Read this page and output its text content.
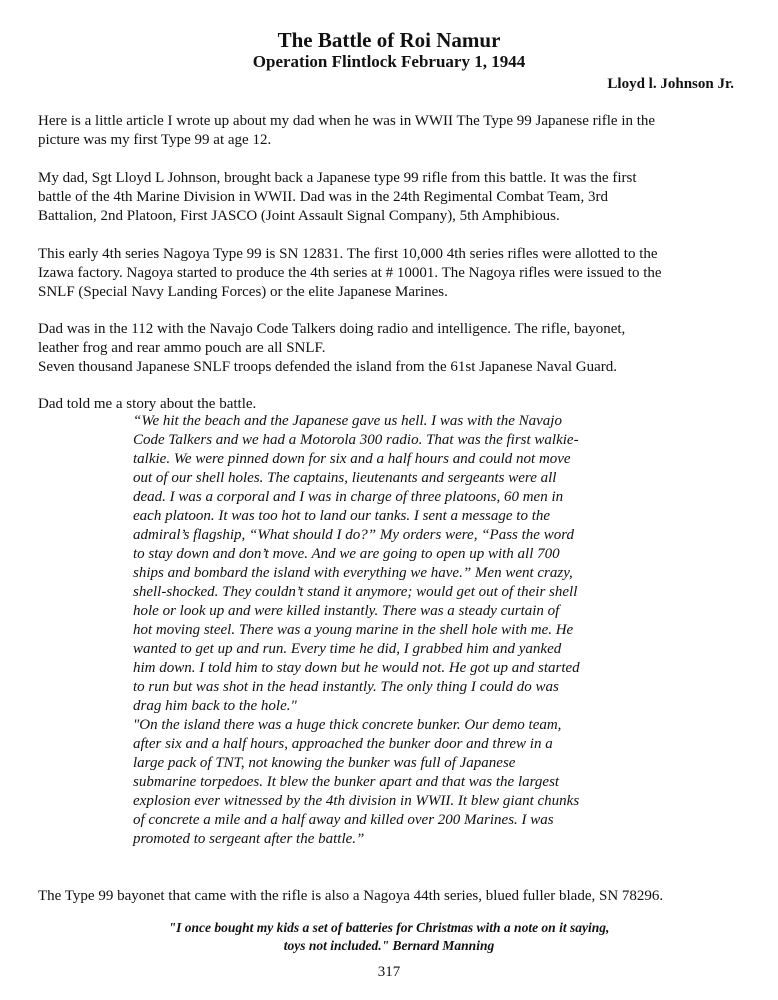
The Battle of Roi Namur
Operation Flintlock February 1, 1944
Lloyd l. Johnson Jr.
Here is a little article I wrote up about my dad when he was in WWII The Type 99 Japanese rifle in the
picture was my first Type 99 at age 12.
My dad, Sgt Lloyd L Johnson, brought back a Japanese type 99 rifle from this battle. It was the first
battle of the 4th Marine Division in WWII. Dad was in the 24th Regimental Combat Team, 3rd
Battalion, 2nd Platoon, First JASCO (Joint Assault Signal Company), 5th Amphibious.
This early 4th series Nagoya Type 99 is SN 12831. The first 10,000 4th series rifles were allotted to the
Izawa factory. Nagoya started to produce the 4th series at # 10001. The Nagoya rifles were issued to the
SNLF (Special Navy Landing Forces) or the elite Japanese Marines.
Dad was in the 112 with the Navajo Code Talkers doing radio and intelligence. The rifle, bayonet,
leather frog and rear ammo pouch are all SNLF.
Seven thousand Japanese SNLF troops defended the island from the 61st Japanese Naval Guard.
Dad told me a story about the battle.
“We hit the beach and the Japanese gave us hell. I was with the Navajo
Code Talkers and we had a Motorola 300 radio. That was the first walkie-
talkie. We were pinned down for six and a half hours and could not move
out of our shell holes. The captains, lieutenants and sergeants were all
dead. I was a corporal and I was in charge of three platoons, 60 men in
each platoon. It was too hot to land our tanks. I sent a message to the
admiral’s flagship, “What should I do?” My orders were, “Pass the word
to stay down and don’t move. And we are going to open up with all 700
ships and bombard the island with everything we have.” Men went crazy,
shell-shocked. They couldn’t stand it anymore; would get out of their shell
hole or look up and were killed instantly. There was a steady curtain of
hot moving steel. There was a young marine in the shell hole with me. He
wanted to get up and run. Every time he did, I grabbed him and yanked
him down. I told him to stay down but he would not. He got up and started
to run but was shot in the head instantly. The only thing I could do was
drag him back to the hole."
"On the island there was a huge thick concrete bunker. Our demo team,
after six and a half hours, approached the bunker door and threw in a
large pack of TNT, not knowing the bunker was full of Japanese
submarine torpedoes. It blew the bunker apart and that was the largest
explosion ever witnessed by the 4th division in WWII. It blew giant chunks
of concrete a mile and a half away and killed over 200 Marines. I was
promoted to sergeant after the battle.”
The Type 99 bayonet that came with the rifle is also a Nagoya 44th series, blued fuller blade, SN 78296.
"I once bought my kids a set of batteries for Christmas with a note on it saying,
toys not included." Bernard Manning
317
